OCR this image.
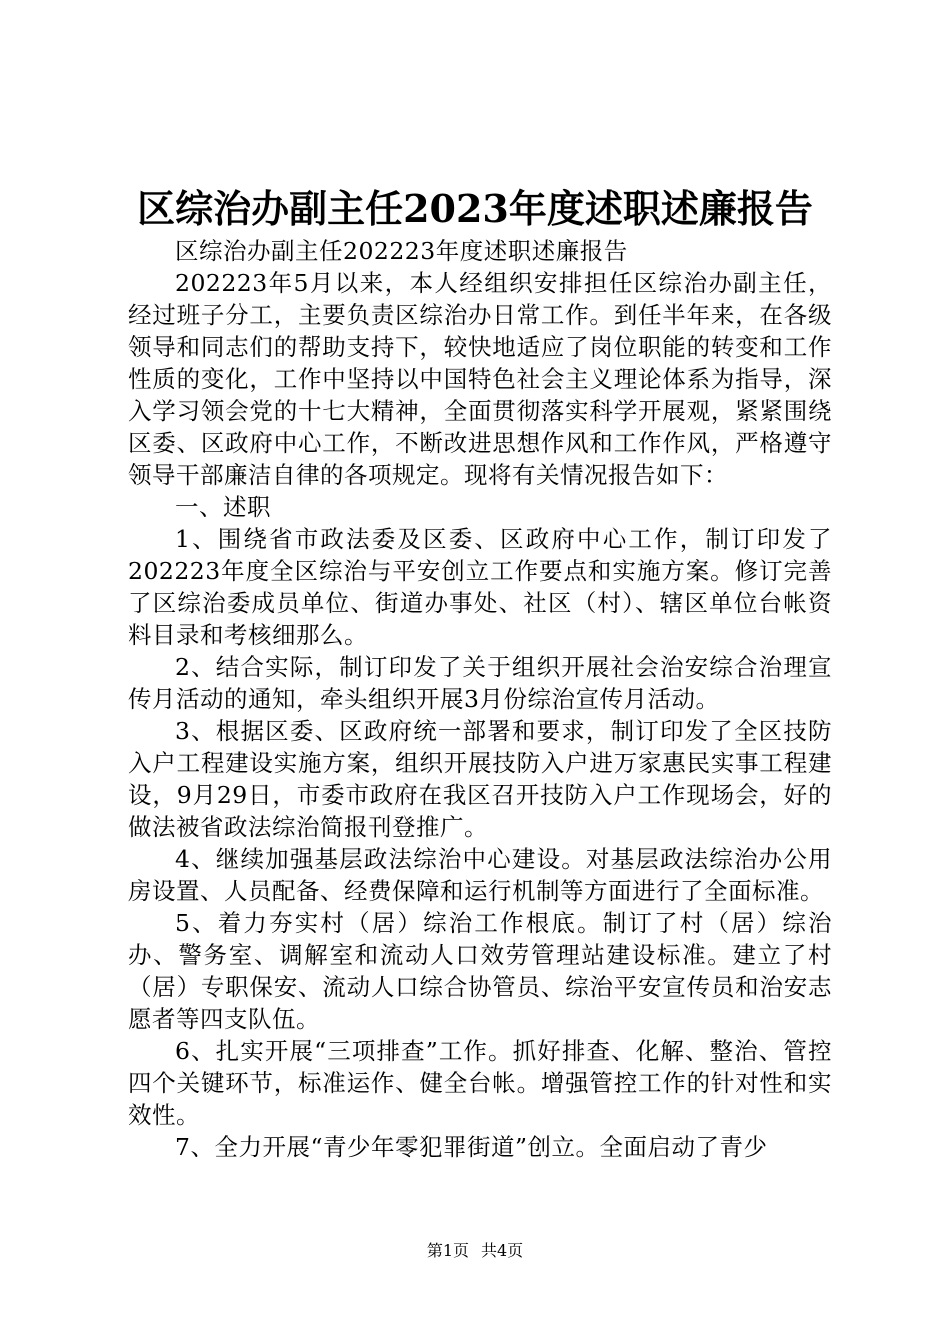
区综治办副主任2023年度述职述廉报告

区综治办副主任202223年度述职述廉报告

202223年5月以来，本人经组织安排担任区综治办副主任，经过班子分工，主要负责区综治办日常工作。到任半年来，在各级领导和同志们的帮助支持下，较快地适应了岗位职能的转变和工作性质的变化，工作中坚持以中国特色社会主义理论体系为指导，深入学习领会党的十七大精神，全面贯彻落实科学开展观，紧紧围绕区委、区政府中心工作，不断改进思想作风和工作作风，严格遵守领导干部廉洁自律的各项规定。现将有关情况报告如下：

一、述职

1、围绕省市政法委及区委、区政府中心工作，制订印发了202223年度全区综治与平安创立工作要点和实施方案。修订完善了区综治委成员单位、街道办事处、社区（村）、辖区单位台帐资料目录和考核细那么。

2、结合实际，制订印发了关于组织开展社会治安综合治理宣传月活动的通知，牵头组织开展3月份综治宣传月活动。

3、根据区委、区政府统一部署和要求，制订印发了全区技防入户工程建设实施方案，组织开展技防入户进万家惠民实事工程建设，9月29日，市委市政府在我区召开技防入户工作现场会，好的做法被省政法综治简报刊登推广。

4、继续加强基层政法综治中心建设。对基层政法综治办公用房设置、人员配备、经费保障和运行机制等方面进行了全面标准。

5、着力夯实村（居）综治工作根底。制订了村（居）综治办、警务室、调解室和流动人口效劳管理站建设标准。建立了村（居）专职保安、流动人口综合协管员、综治平安宣传员和治安志愿者等四支队伍。

6、扎实开展“三项排查”工作。抓好排查、化解、整治、管控四个关键环节，标准运作、健全台帐。增强管控工作的针对性和实效性。

7、全力开展“青少年零犯罪街道”创立。全面启动了青少

第1页 共4页
